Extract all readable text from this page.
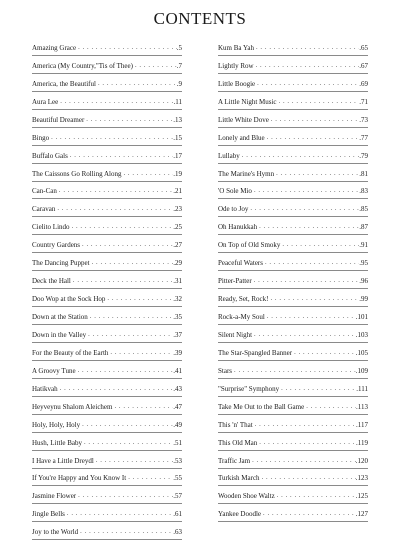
CONTENTS
Amazing Grace . . .	.5
America (My Country,"Tis of Thee) . . .	.7
America, the Beautiful . . .	.9
Aura Lee . . .	.11
Beautiful Dreamer . . .	.13
Bingo . . .	.15
Buffalo Gals . . .	.17
The Caissons Go Rolling Along . . .	.19
Can-Can . . .	.21
Caravan . . .	.23
Cielito Lindo . . .	.25
Country Gardens . . .	.27
The Dancing Puppet . . .	.29
Deck the Hall . . .	.31
Doo Wop at the Sock Hop . . .	.32
Down at the Station . . .	.35
Down in the Valley . . .	.37
For the Beauty of the Earth . . .	.39
A Groovy Tune . . .	.41
Hatikvah . . .	.43
Heyveynu Shalom Aleichem . . .	.47
Holy, Holy, Holy . . .	.49
Hush, Little Baby . . .	.51
I Have a Little Dreydl . . .	.53
If You're Happy and You Know It . . .	.55
Jasmine Flower . . .	.57
Jingle Bells . . .	.61
Joy to the World . . .	.63
Kum Ba Yah . . .	.65
Lightly Row . . .	.67
Little Boogie . . .	.69
A Little Night Music . . .	.71
Little White Dove . . .	.73
Lonely and Blue . . .	.77
Lullaby . . .	.79
The Marine's Hymn . . .	.81
'O Sole Mio . . .	.83
Ode to Joy . . .	.85
Oh Hanukkah . . .	.87
On Top of Old Smoky . . .	.91
Peaceful Waters . . .	.95
Pitter-Patter . . .	.96
Ready, Set, Rock! . . .	.99
Rock-a-My Soul . . .	.101
Silent Night . . .	.103
The Star-Spangled Banner . . .	.105
Stars . . .	.109
"Surprise" Symphony . . .	.111
Take Me Out to the Ball Game . . .	.113
This 'n' That . . .	.117
This Old Man . . .	.119
Traffic Jam . . .	.120
Turkish March . . .	.123
Wooden Shoe Waltz . . .	.125
Yankee Doodle . . .	.127
